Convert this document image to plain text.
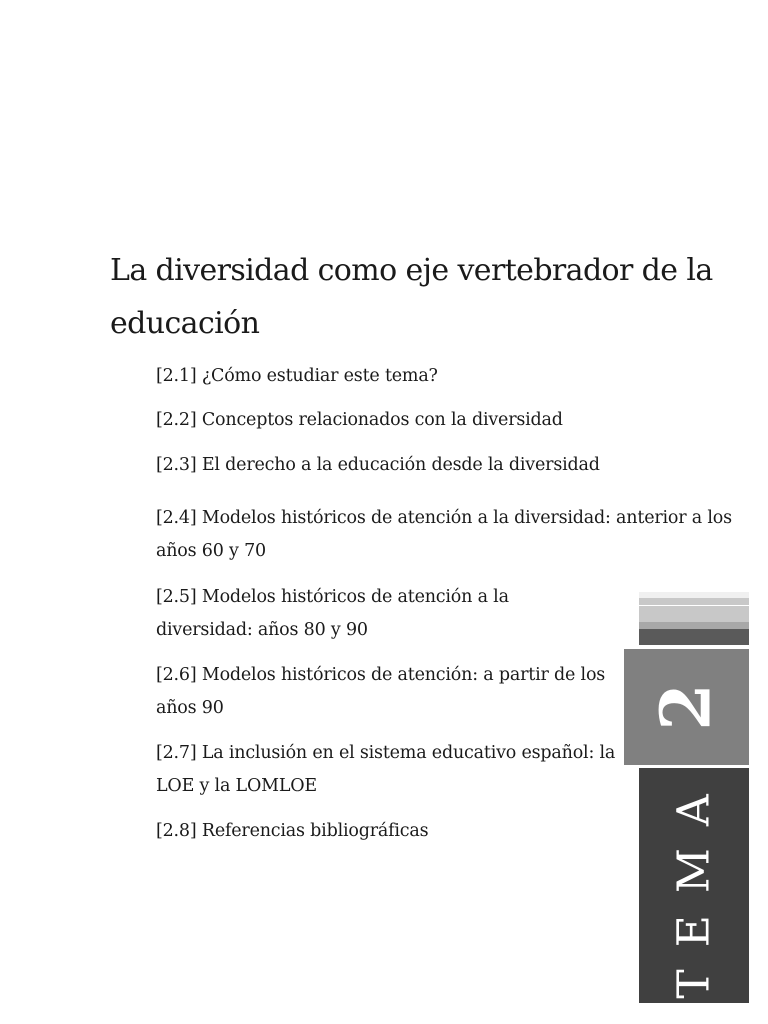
La diversidad como eje vertebrador de la educación
[2.1] ¿Cómo estudiar este tema?
[2.2] Conceptos relacionados con la diversidad
[2.3] El derecho a la educación desde la diversidad
[2.4] Modelos históricos de atención a la diversidad: anterior a los años 60 y 70
[2.5] Modelos históricos de atención a la diversidad: años 80 y 90
[2.6] Modelos históricos de atención: a partir de los años 90
[2.7] La inclusión en el sistema educativo español: la LOE y la LOMLOE
[2.8] Referencias bibliográficas
2
TEMA
